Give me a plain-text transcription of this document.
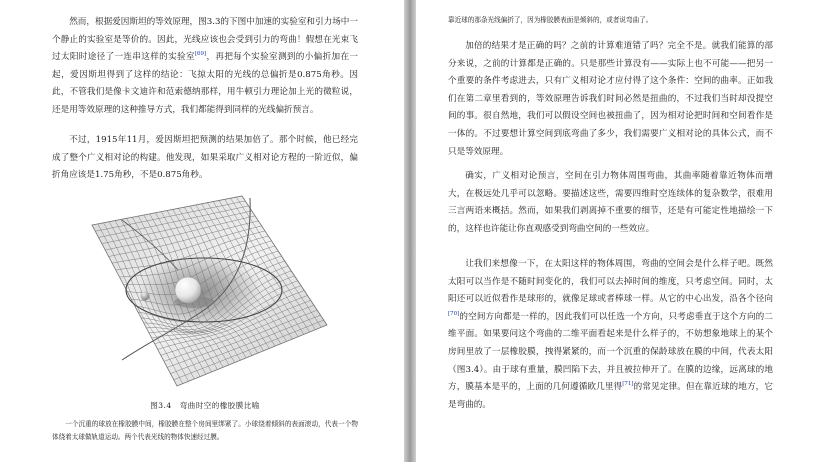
然而，根据爱因斯坦的等效原理，图3.3的下图中加速的实验室和引力场中一个静止的实验室是等价的。因此，光线应该也会受到引力的弯曲！假想在光束飞过太阳时途径了一连串这样的实验室[69]，再把每个实验室测到的小偏折加在一起，爱因斯坦得到了这样的结论：飞掠太阳的光线的总偏折是0.875角秒。因此，不管我们是像卡文迪许和范索德纳那样，用牛顿引力理论加上光的微粒说，还是用等效原理的这种推导方式，我们都能得到同样的光线偏折预言。

不过，1915年11月，爱因斯坦把预测的结果加倍了。那个时候，他已经完成了整个广义相对论的构建。他发现，如果采取广义相对论方程的一阶近似，偏折角应该是1.75角秒，不是0.875角秒。

图3.4　弯曲时空的橡胶膜比喻
一个沉重的球放在橡胶膜中间，橡胶膜在整个房间里绑紧了。小球绕着倾斜的表面滚动，代表一个物体绕着太球做轨道运动。两个代表光线的物体快速经过膜。
靠近球的那条光线偏折了，因为橡胶膜表面是倾斜的，或者说弯曲了。

加倍的结果才是正确的吗？之前的计算难道错了吗？完全不是。就我们能算的部分来说，之前的计算都是正确的。只是那些计算没有——实际上也不可能——把另一个重要的条件考虑进去，只有广义相对论才应付得了这个条件：空间的曲率。正如我们在第二章里看到的，等效原理告诉我们时间必然是扭曲的，不过我们当时却没提空间的事。很自然地，我们可以假设空间也被扭曲了，因为相对论把时间和空间看作是一体的。不过要想计算空间到底弯曲了多少，我们需要广义相对论的具体公式，而不只是等效原理。

确实，广义相对论预言，空间在引力物体周围弯曲，其曲率随着靠近物体而增大，在极远处几乎可以忽略。要描述这些，需要四维时空连续体的复杂数学，很难用三言两语来概括。然而，如果我们剥离掉不重要的细节，还是有可能定性地描绘一下的，这样也许能让你直观感受到弯曲空间的一些效应。

让我们来想像一下，在太阳这样的物体周围，弯曲的空间会是什么样子吧。既然太阳可以当作是不随时间变化的，我们可以去掉时间的维度，只考虑空间。同时，太阳还可以近似看作是球形的，就像足球或者棒球一样。从它的中心出发，沿各个径向[70]的空间方向都是一样的，因此我们可以任选一个方向，只考虑垂直于这个方向的二维平面。如果要问这个弯曲的二维平面看起来是什么样子的，不妨想象地球上的某个房间里放了一层橡胶膜，拽得紧紧的，而一个沉重的保龄球放在膜的中间，代表太阳（图3.4）。由于球有重量，膜凹陷下去，并且被拉伸开了。在膜的边缘，远离球的地方，膜基本是平的，上面的几何遵循欧几里得[71]的常见定律。但在靠近球的地方，它是弯曲的。
